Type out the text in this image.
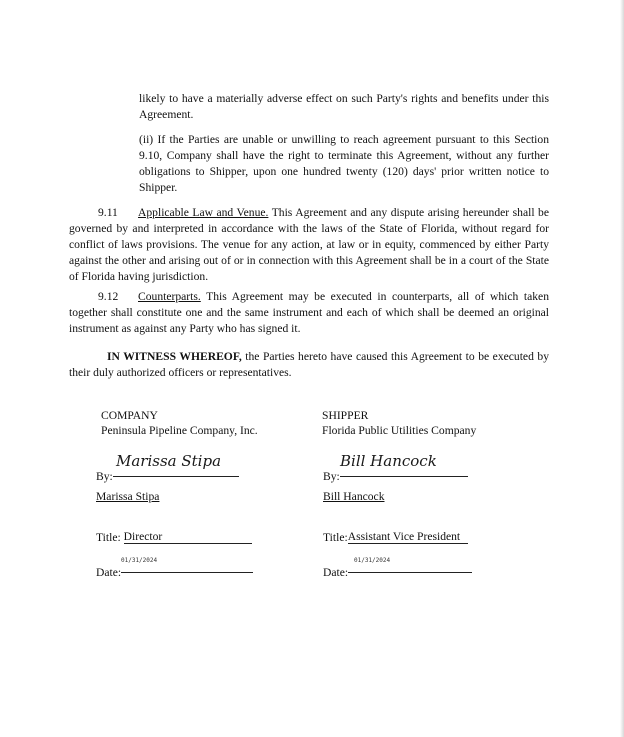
likely to have a materially adverse effect on such Party's rights and benefits under this Agreement.

(ii) If the Parties are unable or unwilling to reach agreement pursuant to this Section 9.10, Company shall have the right to terminate this Agreement, without any further obligations to Shipper, upon one hundred twenty (120) days' prior written notice to Shipper.

9.11 Applicable Law and Venue. This Agreement and any dispute arising hereunder shall be governed by and interpreted in accordance with the laws of the State of Florida, without regard for conflict of laws provisions. The venue for any action, at law or in equity, commenced by either Party against the other and arising out of or in connection with this Agreement shall be in a court of the State of Florida having jurisdiction.

9.12 Counterparts. This Agreement may be executed in counterparts, all of which taken together shall constitute one and the same instrument and each of which shall be deemed an original instrument as against any Party who has signed it.

IN WITNESS WHEREOF, the Parties hereto have caused this Agreement to be executed by their duly authorized officers or representatives.

COMPANY
Peninsula Pipeline Company, Inc.
By:
Marissa Stipa
Marissa Stipa
Title: Director
Date:
01/31/2024
SHIPPER
Florida Public Utilities Company
By:
Bill Hancock
Bill Hancock
Title:Assistant Vice President
Date:
01/31/2024
